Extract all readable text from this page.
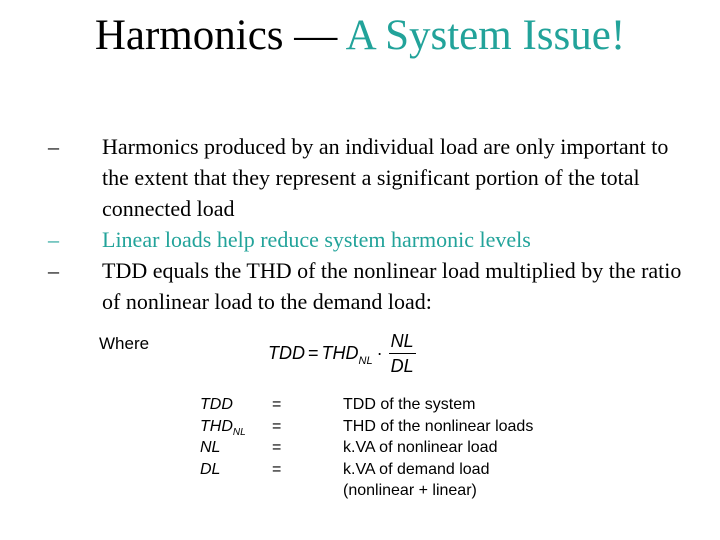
Harmonics — A System Issue!
– Harmonics produced by an individual load are only important to the extent that they represent a significant portion of the total connected load
– Linear loads help reduce system harmonic levels
– TDD equals the THD of the nonlinear load multiplied by the ratio of nonlinear load to the demand load:
Where	TDD = THD NL · $\frac{NL}{DL}$
TDD =	TDD of the system
$THD_{NL}$ =	THD of the nonlinear loads
NL	=	k.VA of nonlinear load
DL	=	k.VA of demand load
(nonlinear + linear)
